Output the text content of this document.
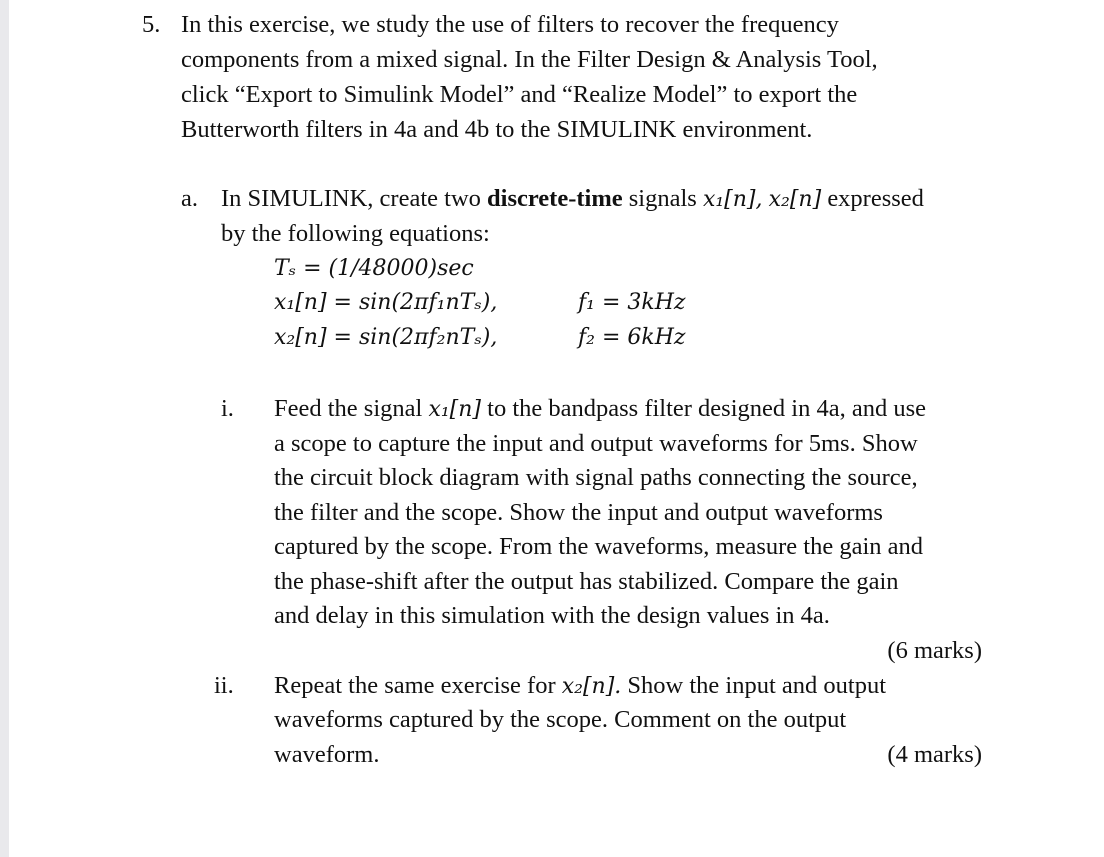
5. In this exercise, we study the use of filters to recover the frequency
components from a mixed signal. In the Filter Design & Analysis Tool,
click “Export to Simulink Model” and “Realize Model” to export the
Butterworth filters in 4a and 4b to the SIMULINK environment.
a. In SIMULINK, create two discrete-time signals x₁[n], x₂[n] expressed
by the following equations:
Tₛ = (1/48000)sec
x₁[n] = sin(2πf₁nTₛ),	f₁ = 3kHz
x₂[n] = sin(2πf₂nTₛ),	f₂ = 6kHz
i. Feed the signal x₁[n] to the bandpass filter designed in 4a, and use
a scope to capture the input and output waveforms for 5ms. Show
the circuit block diagram with signal paths connecting the source,
the filter and the scope. Show the input and output waveforms
captured by the scope. From the waveforms, measure the gain and
the phase-shift after the output has stabilized. Compare the gain
and delay in this simulation with the design values in 4a.
(6 marks)
ii. Repeat the same exercise for x₂[n]. Show the input and output
waveforms captured by the scope. Comment on the output
waveform.	(4 marks)
